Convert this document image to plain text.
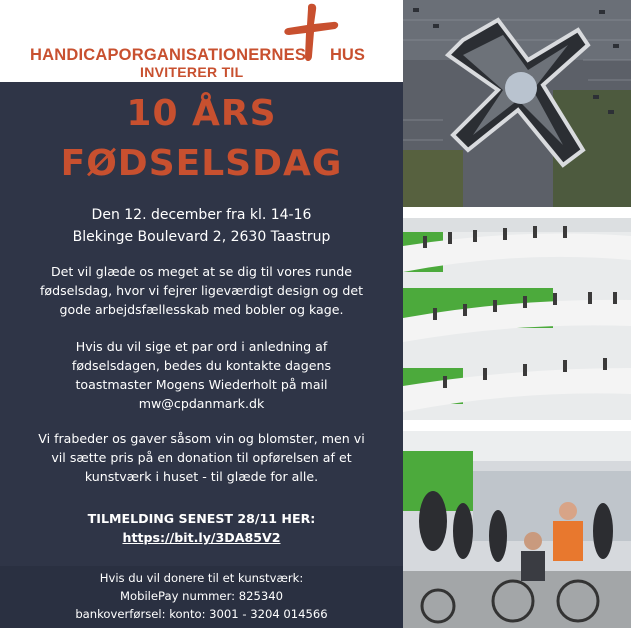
HANDICAPORGANISATIONERNES HUS
INVITERER TIL
10 ÅRS
FØDSELSDAG
Den 12. december fra kl. 14-16
Blekinge Boulevard 2, 2630 Taastrup
Det vil glæde os meget at se dig til vores runde
fødselsdag, hvor vi fejrer ligeværdigt design og det
gode arbejdsfællesskab med bobler og kage.
Hvis du vil sige et par ord i anledning af
fødselsdagen, bedes du kontakte dagens
toastmaster Mogens Wiederholt på mail
mw@cpdanmark.dk
Vi frabeder os gaver såsom vin og blomster, men vi
vil sætte pris på en donation til opførelsen af et
kunstværk i huset - til glæde for alle.
TILMELDING SENEST 28/11 HER:
https://bit.ly/3DA85V2
Hvis du vil donere til et kunstværk:
MobilePay nummer: 825340
bankoverførsel: konto: 3001 - 3204 014566
